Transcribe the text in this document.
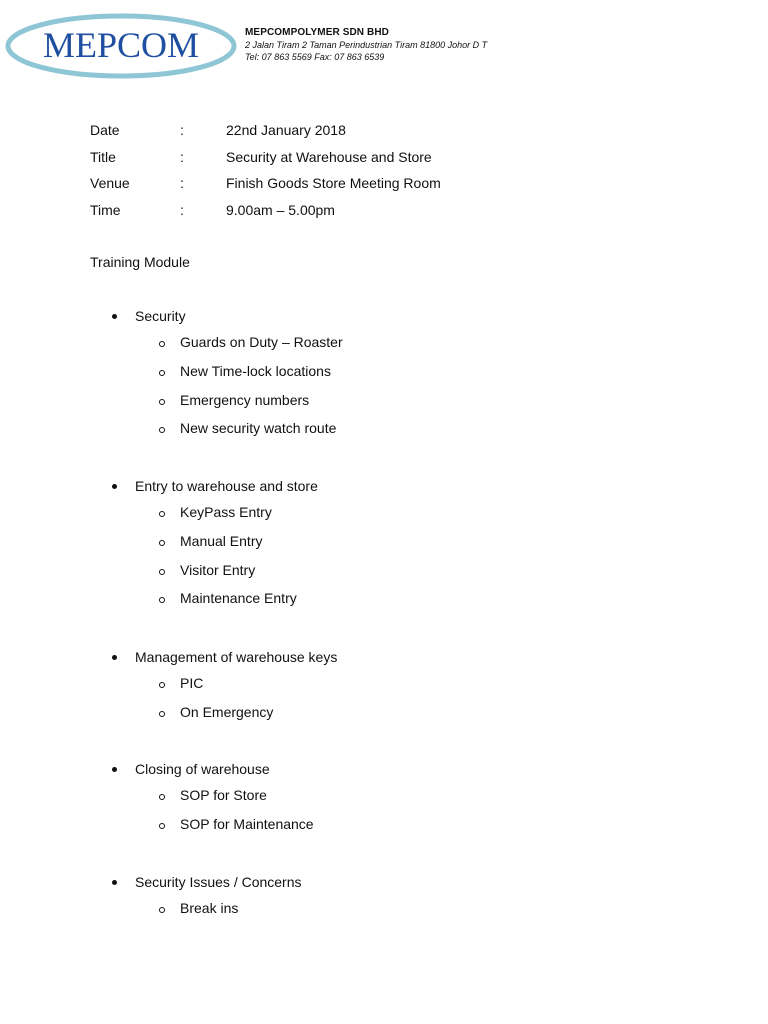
MEPCOM	MEPCOMPOLYMER SDN BHD
2 Jalan Tiram 2 Taman Perindustrian Tiram 81800 Johor D T
Tel: 07 863 5569 Fax: 07 863 6539
Date	:	22nd January 2018
Title	:	Security at Warehouse and Store
Venue	:	Finish Goods Store Meeting Room
Time	:	9.00am – 5.00pm
Training Module
Security
Guards on Duty – Roaster
New Time-lock locations
Emergency numbers
New security watch route
Entry to warehouse and store
KeyPass Entry
Manual Entry
Visitor Entry
Maintenance Entry
Management of warehouse keys
PIC
On Emergency
Closing of warehouse
SOP for Store
SOP for Maintenance
Security Issues / Concerns
Break ins
